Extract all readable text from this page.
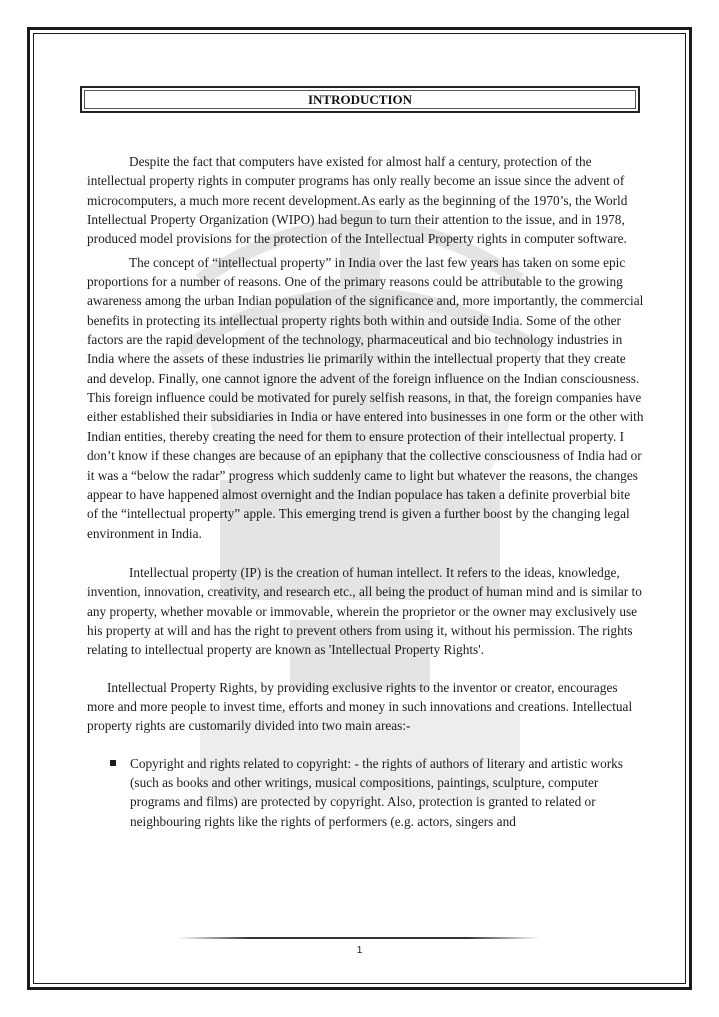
INTRODUCTION

Despite the fact that computers have existed for almost half a century, protection of the intellectual property rights in computer programs has only really become an issue since the advent of microcomputers, a much more recent development.As early as the beginning of the 1970’s, the World Intellectual Property Organization (WIPO) had begun to turn their attention to the issue, and in 1978, produced model provisions for the protection of the Intellectual Property rights in computer software.

The concept of “intellectual property” in India over the last few years has taken on some epic proportions for a number of reasons. One of the primary reasons could be attributable to the growing awareness among the urban Indian population of the significance and, more importantly, the commercial benefits in protecting its intellectual property rights both within and outside India. Some of the other factors are the rapid development of the technology, pharmaceutical and bio technology industries in India where the assets of these industries lie primarily within the intellectual property that they create and develop. Finally, one cannot ignore the advent of the foreign influence on the Indian consciousness. This foreign influence could be motivated for purely selfish reasons, in that, the foreign companies have either established their subsidiaries in India or have entered into businesses in one form or the other with Indian entities, thereby creating the need for them to ensure protection of their intellectual property. I don’t know if these changes are because of an epiphany that the collective consciousness of India had or it was a “below the radar” progress which suddenly came to light but whatever the reasons, the changes appear to have happened almost overnight and the Indian populace has taken a definite proverbial bite of the “intellectual property” apple. This emerging trend is given a further boost by the changing legal environment in India.

Intellectual property (IP) is the creation of human intellect. It refers to the ideas, knowledge, invention, innovation, creativity, and research etc., all being the product of human mind and is similar to any property, whether movable or immovable, wherein the proprietor or the owner may exclusively use his property at will and has the right to prevent others from using it, without his permission. The rights relating to intellectual property are known as 'Intellectual Property Rights'.

Intellectual Property Rights, by providing exclusive rights to the inventor or creator, encourages more and more people to invest time, efforts and money in such innovations and creations. Intellectual property rights are customarily divided into two main areas:-

Copyright and rights related to copyright: - the rights of authors of literary and artistic works (such as books and other writings, musical compositions, paintings, sculpture, computer programs and films) are protected by copyright. Also, protection is granted to related or neighbouring rights like the rights of performers (e.g. actors, singers and
1
